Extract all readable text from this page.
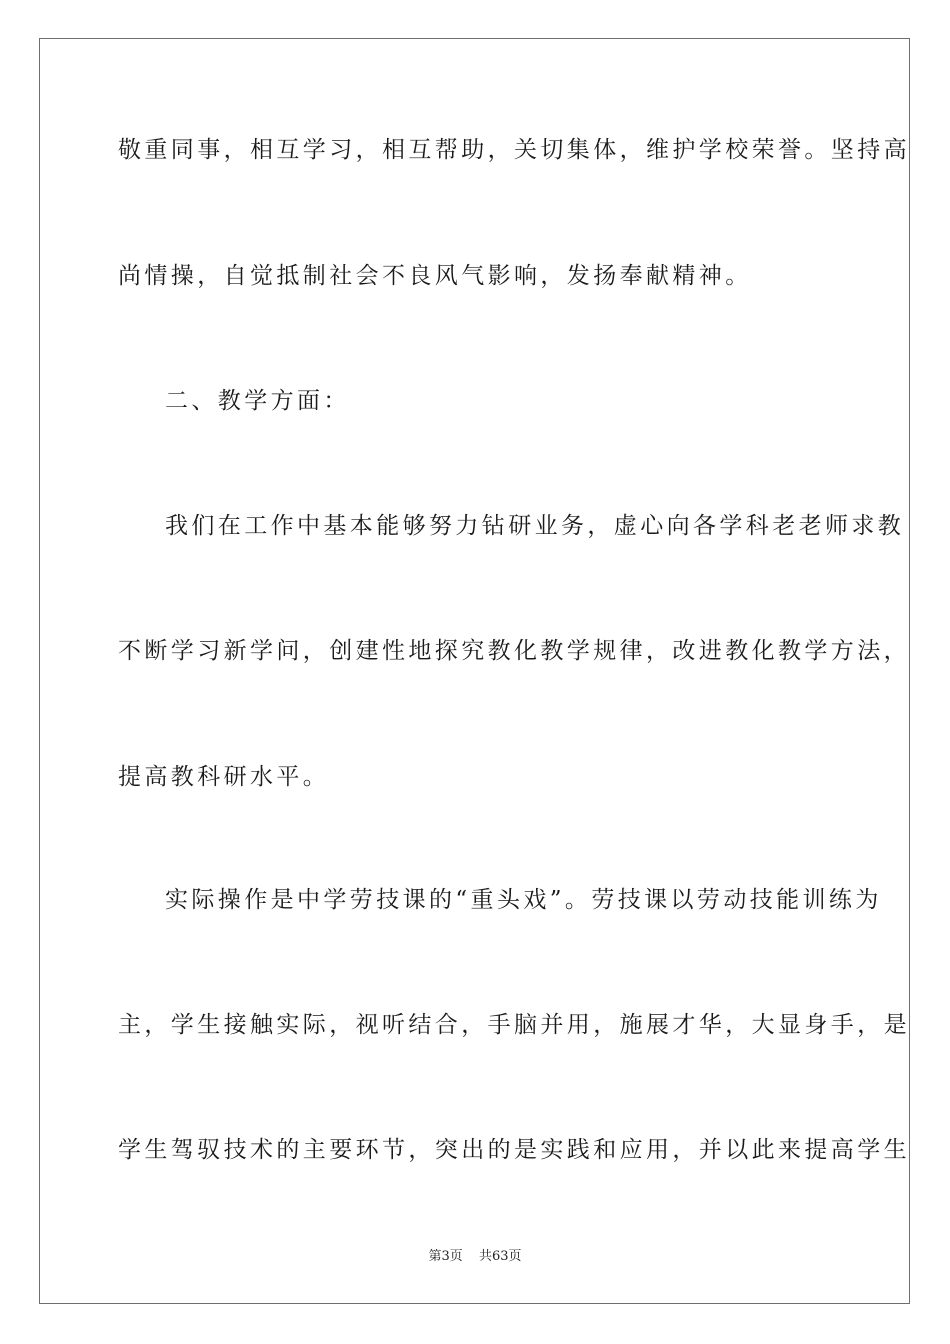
敬重同事，相互学习，相互帮助，关切集体，维护学校荣誉。坚持高
尚情操，自觉抵制社会不良风气影响，发扬奉献精神。
二、教学方面：
我们在工作中基本能够努力钻研业务，虚心向各学科老老师求教
不断学习新学问，创建性地探究教化教学规律，改进教化教学方法，
提高教科研水平。
实际操作是中学劳技课的“重头戏”。劳技课以劳动技能训练为
主，学生接触实际，视听结合，手脑并用，施展才华，大显身手，是
学生驾驭技术的主要环节，突出的是实践和应用，并以此来提高学生
第3页 共63页
